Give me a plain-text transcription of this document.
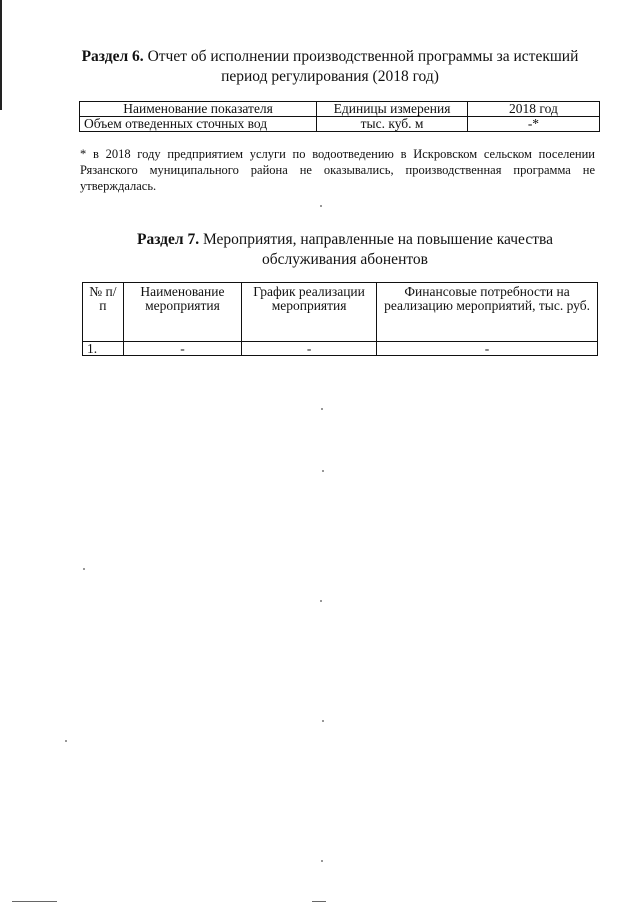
Раздел 6. Отчет об исполнении производственной программы за истекший период регулирования (2018 год)
Наименование показателя	Единицы измерения	2018 год
Объем отведенных сточных вод	тыс. куб. м	-*
* в 2018 году предприятием услуги по водоотведению в Искровском сельском поселении Рязанского муниципального района не оказывались, производственная программа не утверждалась.
Раздел 7. Мероприятия, направленные на повышение качества обслуживания абонентов
№ п/п	Наименование мероприятия	График реализации мероприятия	Финансовые потребности на реализацию мероприятий, тыс. руб.
1.	-	-	-
